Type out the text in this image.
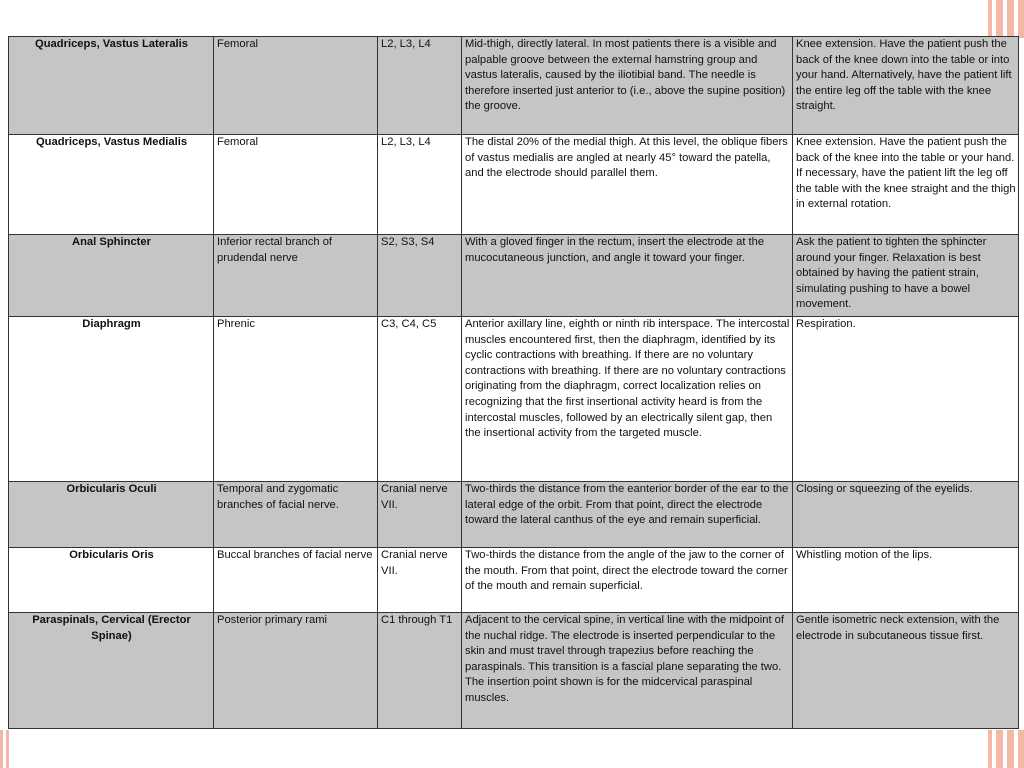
Quadriceps, Vastus Lateralis	Femoral	L2, L3, L4	Mid-thigh, directly lateral. In most patients there is a visible and palpable groove between the external hamstring group and vastus lateralis, caused by the iliotibial band. The needle is therefore inserted just anterior to (i.e., above the supine position) the groove.	Knee extension. Have the patient push the back of the knee down into the table or into your hand. Alternatively, have the patient lift the entire leg off the table with the knee straight.
Quadriceps, Vastus Medialis	Femoral	L2, L3, L4	The distal 20% of the medial thigh. At this level, the oblique fibers of vastus medialis are angled at nearly 45° toward the patella, and the electrode should parallel them.	Knee extension. Have the patient push the back of the knee into the table or your hand. If necessary, have the patient lift the leg off the table with the knee straight and the thigh in external rotation.
Anal Sphincter	Inferior rectal branch of prudendal nerve	S2, S3, S4	With a gloved finger in the rectum, insert the electrode at the mucocutaneous junction, and angle it toward your finger.	Ask the patient to tighten the sphincter around your finger. Relaxation is best obtained by having the patient strain, simulating pushing to have a bowel movement.
Diaphragm	Phrenic	C3, C4, C5	Anterior axillary line, eighth or ninth rib interspace. The intercostal muscles encountered first, then the diaphragm, identified by its cyclic contractions with breathing. If there are no voluntary contractions with breathing. If there are no voluntary contractions originating from the diaphragm, correct localization relies on recognizing that the first insertional activity heard is from the intercostal muscles, followed by an electrically silent gap, then the insertional activity from the targeted muscle.	Respiration.
Orbicularis Oculi	Temporal and zygomatic branches of facial nerve.	Cranial nerve VII.	Two-thirds the distance from the eanterior border of the ear to the lateral edge of the orbit. From that point, direct the electrode toward the lateral canthus of the eye and remain superficial.	Closing or squeezing of the eyelids.
Orbicularis Oris	Buccal branches of facial nerve	Cranial nerve VII.	Two-thirds the distance from the angle of the jaw to the corner of the mouth. From that point, direct the electrode toward the corner of the mouth and remain superficial.	Whistling motion of the lips.
Paraspinals, Cervical (Erector Spinae)	Posterior primary rami	C1 through T1	Adjacent to the cervical spine, in vertical line with the midpoint of the nuchal ridge. The electrode is inserted perpendicular to the skin and must travel through trapezius before reaching the paraspinals. This transition is a fascial plane separating the two. The insertion point shown is for the midcervical paraspinal muscles.	Gentle isometric neck extension, with the electrode in subcutaneous tissue first.
